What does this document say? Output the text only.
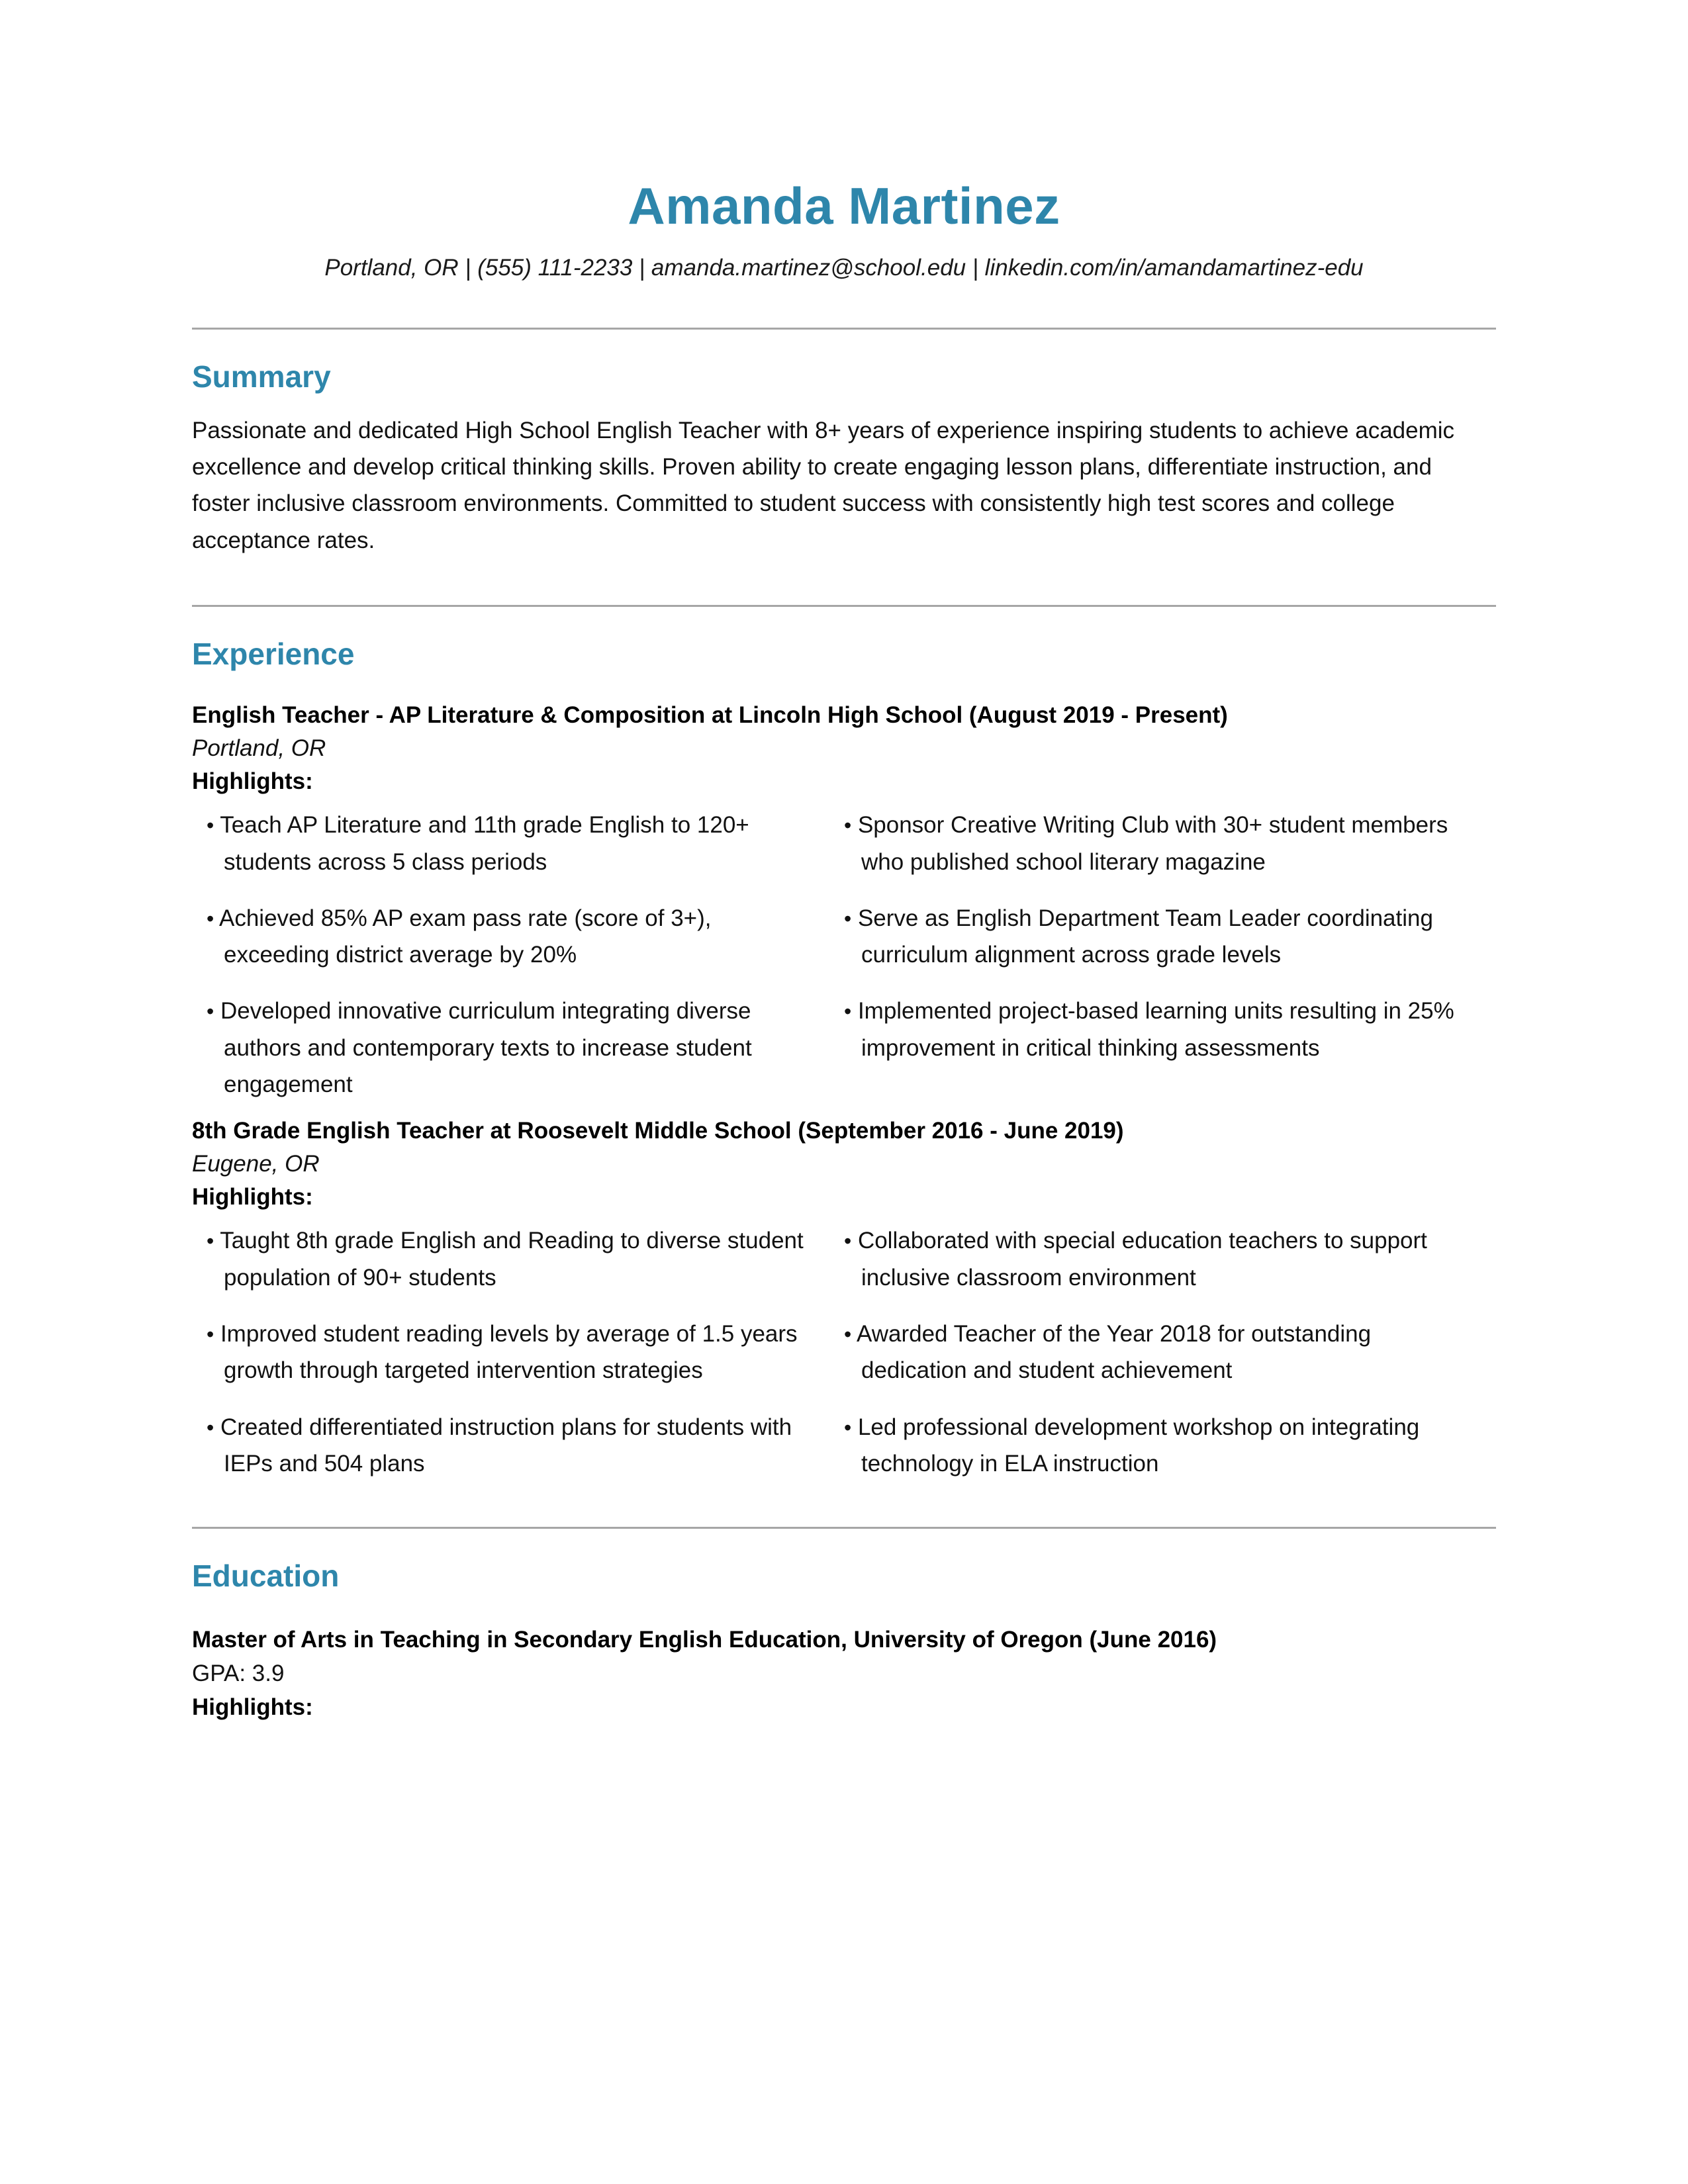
Amanda Martinez

Portland, OR | (555) 111-2233 | amanda.martinez@school.edu | linkedin.com/in/amandamartinez-edu

Summary

Passionate and dedicated High School English Teacher with 8+ years of experience inspiring students to achieve academic excellence and develop critical thinking skills. Proven ability to create engaging lesson plans, differentiate instruction, and foster inclusive classroom environments. Committed to student success with consistently high test scores and college acceptance rates.

Experience

English Teacher - AP Literature & Composition at Lincoln High School (August 2019 - Present)

Portland, OR

Highlights:

• Teach AP Literature and 11th grade English to 120+ students across 5 class periods

• Achieved 85% AP exam pass rate (score of 3+), exceeding district average by 20%

• Developed innovative curriculum integrating diverse authors and contemporary texts to increase student engagement

• Sponsor Creative Writing Club with 30+ student members who published school literary magazine

• Serve as English Department Team Leader coordinating curriculum alignment across grade levels

• Implemented project-based learning units resulting in 25% improvement in critical thinking assessments

8th Grade English Teacher at Roosevelt Middle School (September 2016 - June 2019)

Eugene, OR

Highlights:

• Taught 8th grade English and Reading to diverse student population of 90+ students

• Improved student reading levels by average of 1.5 years growth through targeted intervention strategies

• Created differentiated instruction plans for students with IEPs and 504 plans

• Collaborated with special education teachers to support inclusive classroom environment

• Awarded Teacher of the Year 2018 for outstanding dedication and student achievement

• Led professional development workshop on integrating technology in ELA instruction

Education

Master of Arts in Teaching in Secondary English Education, University of Oregon (June 2016)

GPA: 3.9

Highlights:
